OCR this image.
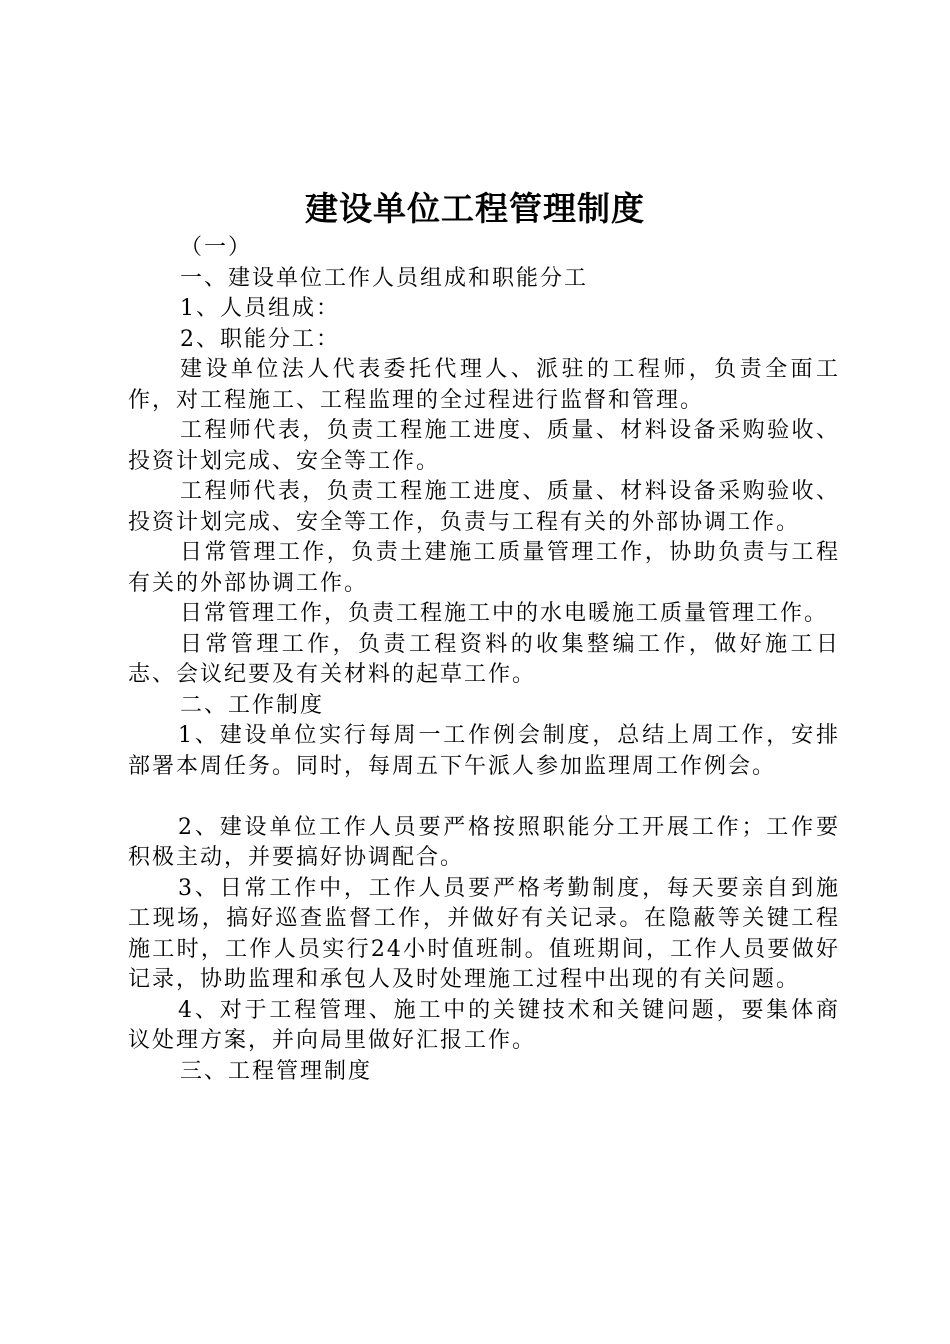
建设单位工程管理制度

（一）

一、建设单位工作人员组成和职能分工

1、人员组成：

2、职能分工：

建设单位法人代表委托代理人、派驻的工程师，负责全面工作，对工程施工、工程监理的全过程进行监督和管理。

工程师代表，负责工程施工进度、质量、材料设备采购验收、投资计划完成、安全等工作。

工程师代表，负责工程施工进度、质量、材料设备采购验收、投资计划完成、安全等工作，负责与工程有关的外部协调工作。

日常管理工作，负责土建施工质量管理工作，协助负责与工程有关的外部协调工作。

日常管理工作，负责工程施工中的水电暖施工质量管理工作。

日常管理工作，负责工程资料的收集整编工作，做好施工日志、会议纪要及有关材料的起草工作。

二、工作制度

1、建设单位实行每周一工作例会制度，总结上周工作，安排部署本周任务。同时，每周五下午派人参加监理周工作例会。

2、建设单位工作人员要严格按照职能分工开展工作；工作要积极主动，并要搞好协调配合。

3、日常工作中，工作人员要严格考勤制度，每天要亲自到施工现场，搞好巡查监督工作，并做好有关记录。在隐蔽等关键工程施工时，工作人员实行24小时值班制。值班期间，工作人员要做好记录，协助监理和承包人及时处理施工过程中出现的有关问题。

4、对于工程管理、施工中的关键技术和关键问题，要集体商议处理方案，并向局里做好汇报工作。

三、工程管理制度
